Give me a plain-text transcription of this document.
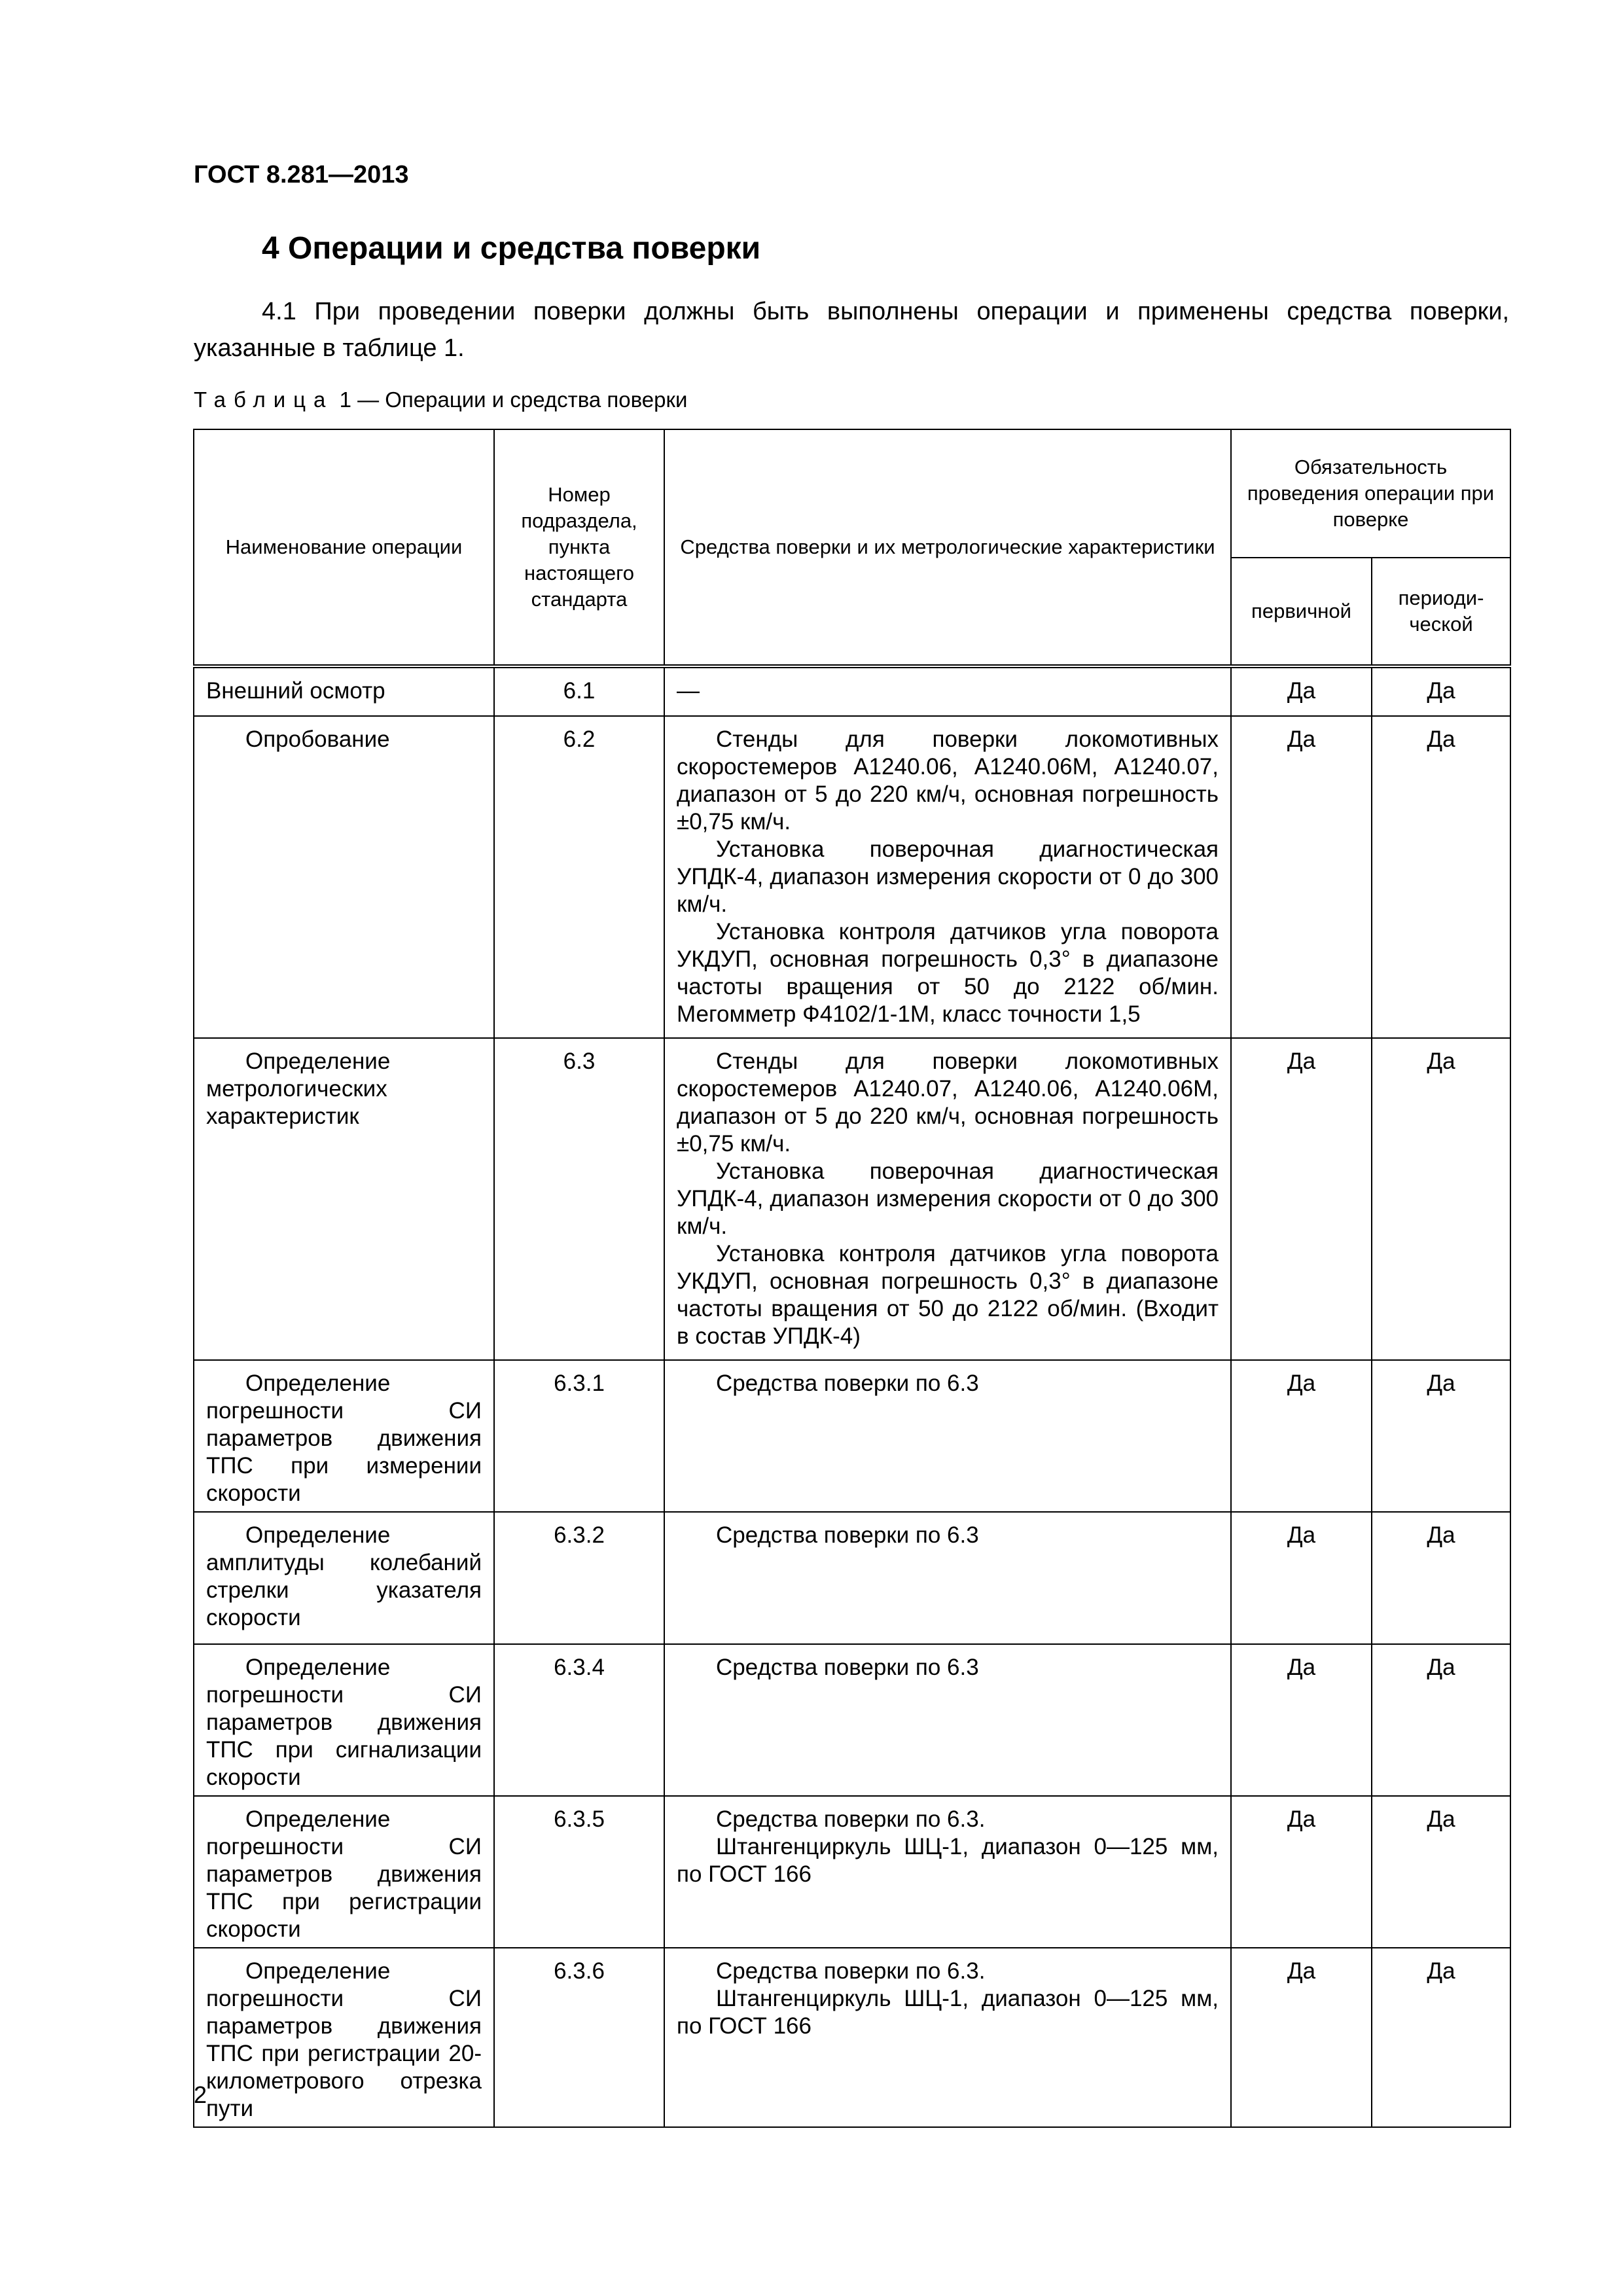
ГОСТ 8.281—2013
4 Операции и средства поверки
4.1 При проведении поверки должны быть выполнены операции и применены средства поверки, указанные в таблице 1.
Таблица 1 — Операции и средства поверки
Наименование операции	Номер подраздела, пункта настоящего стандарта	Средства поверки и их метрологические характеристики	Обязательность проведения операции при поверке	
			первичной	периоди-ческой
Внешний осмотр	6.1	—	Да	Да
Опробование	6.2	Стенды для поверки локомотивных скоростемеров А1240.06, А1240.06М, А1240.07, диапазон от 5 до 220 км/ч, основная погрешность ±0,75 км/ч.

Установка поверочная диагностическая УПДК-4, диапазон измерения скорости от 0 до 300 км/ч.

Установка контроля датчиков угла поворота УКДУП, основная погрешность 0,3° в диапазоне частоты вращения от 50 до 2122 об/мин. Мегомметр Ф4102/1-1М, класс точности 1,5	Да	Да
Определение метрологических характеристик	6.3	Стенды для поверки локомотивных скоростемеров А1240.07, А1240.06, А1240.06М, диапазон от 5 до 220 км/ч, основная погрешность ±0,75 км/ч.

Установка поверочная диагностическая УПДК-4, диапазон измерения скорости от 0 до 300 км/ч.

Установка контроля датчиков угла поворота УКДУП, основная погрешность 0,3° в диапазоне частоты вращения от 50 до 2122 об/мин. (Входит в состав УПДК-4)	Да	Да
Определение погрешности СИ параметров движения ТПС при измерении скорости	6.3.1	Средства поверки по 6.3	Да	Да
Определение амплитуды колебаний стрелки указателя скорости	6.3.2	Средства поверки по 6.3	Да	Да
Определение погрешности СИ параметров движения ТПС при сигнализации скорости	6.3.4	Средства поверки по 6.3	Да	Да
Определение погрешности СИ параметров движения ТПС при регистрации скорости	6.3.5	Средства поверки по 6.3.

Штангенциркуль ШЦ-1, диапазон 0—125 мм, по ГОСТ 166	Да	Да
Определение погрешности СИ параметров движения ТПС при регистрации 20-километрового отрезка пути	6.3.6	Средства поверки по 6.3.

Штангенциркуль ШЦ-1, диапазон 0—125 мм, по ГОСТ 166	Да	Да
2
